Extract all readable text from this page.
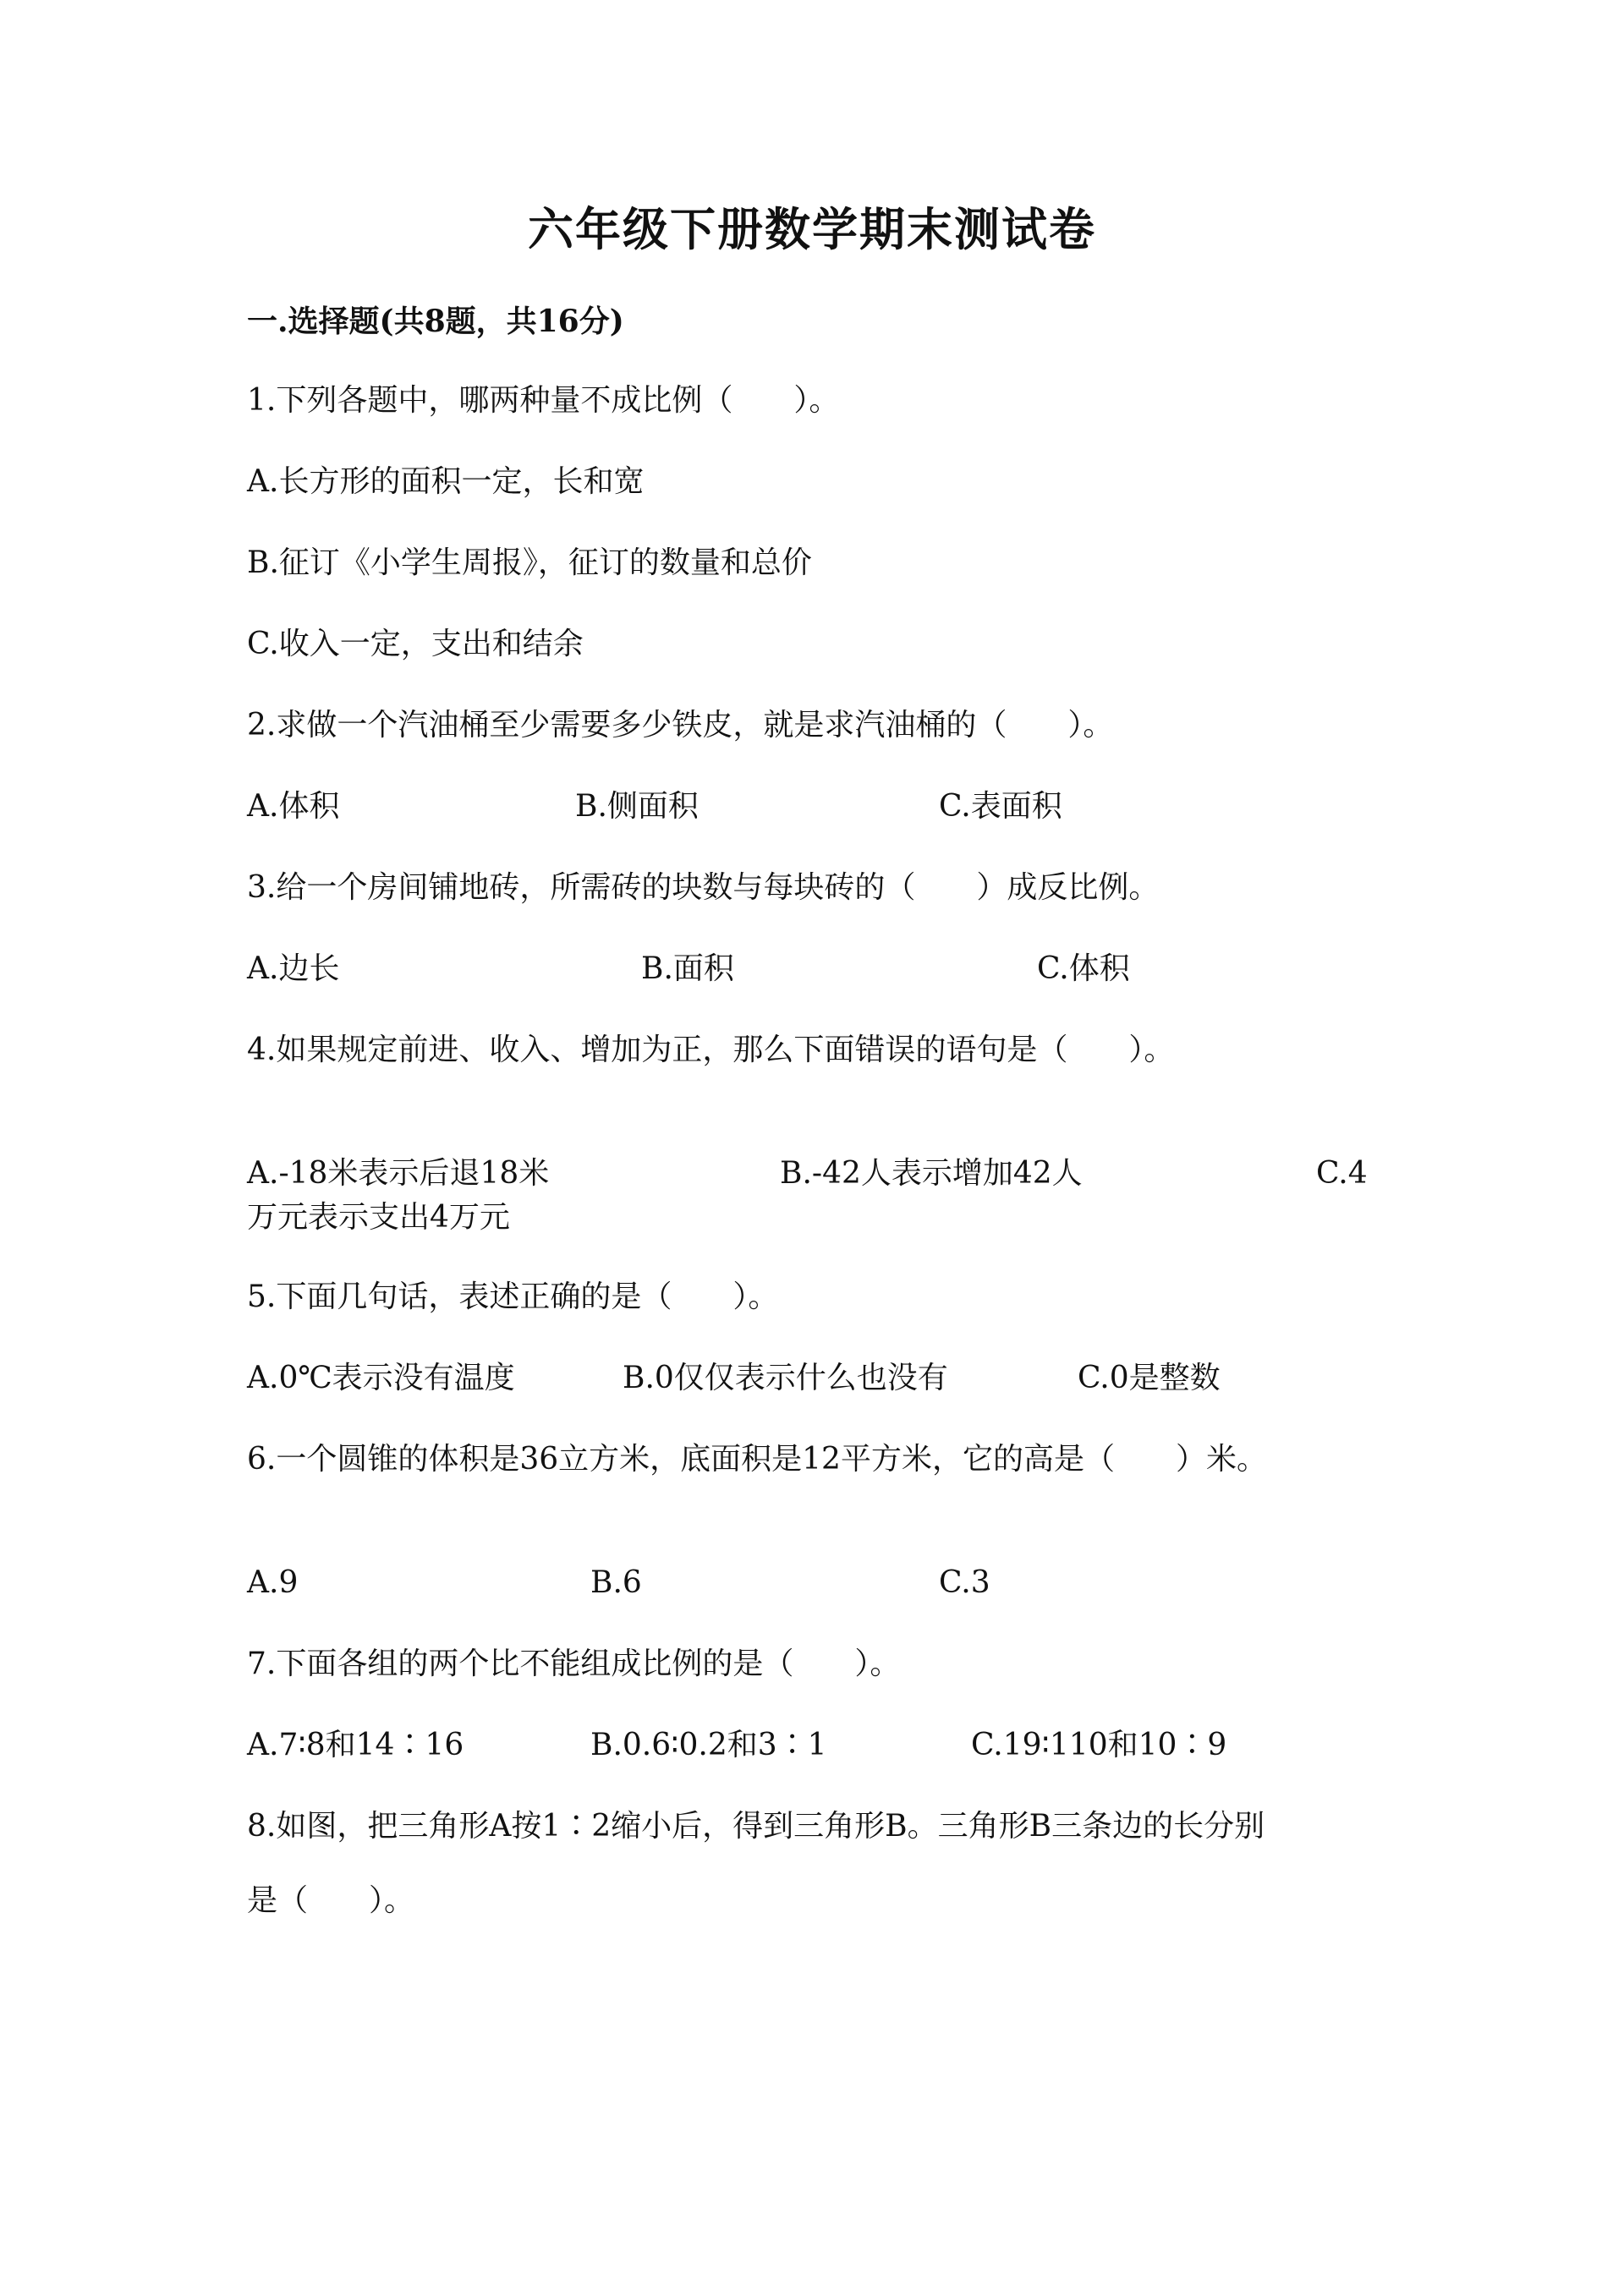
六年级下册数学期末测试卷
一.选择题(共8题，共16分)
1.下列各题中，哪两种量不成比例（　　）。
A.长方形的面积一定，长和宽
B.征订《小学生周报》，征订的数量和总价
C.收入一定，支出和结余
2.求做一个汽油桶至少需要多少铁皮，就是求汽油桶的（　　）。
A.体积	B.侧面积	C.表面积
3.给一个房间铺地砖，所需砖的块数与每块砖的（　　）成反比例。
A.边长	B.面积	C.体积
4.如果规定前进、收入、增加为正，那么下面错误的语句是（　　）。
A.-18米表示后退18米	B.-42人表示增加42人	C.4
万元表示支出4万元
5.下面几句话，表述正确的是（　　）。
A.0℃表示没有温度	B.0仅仅表示什么也没有	C.0是整数
6.一个圆锥的体积是36立方米，底面积是12平方米，它的高是（　　）米。
A.9	B.6	C.3
7.下面各组的两个比不能组成比例的是（　　）。
A.7∶8和14∶16	B.0.6∶0.2和3∶1	C.19∶110和10∶9
8.如图，把三角形A按1∶2缩小后，得到三角形B。三角形B三条边的长分别
是（　　）。
